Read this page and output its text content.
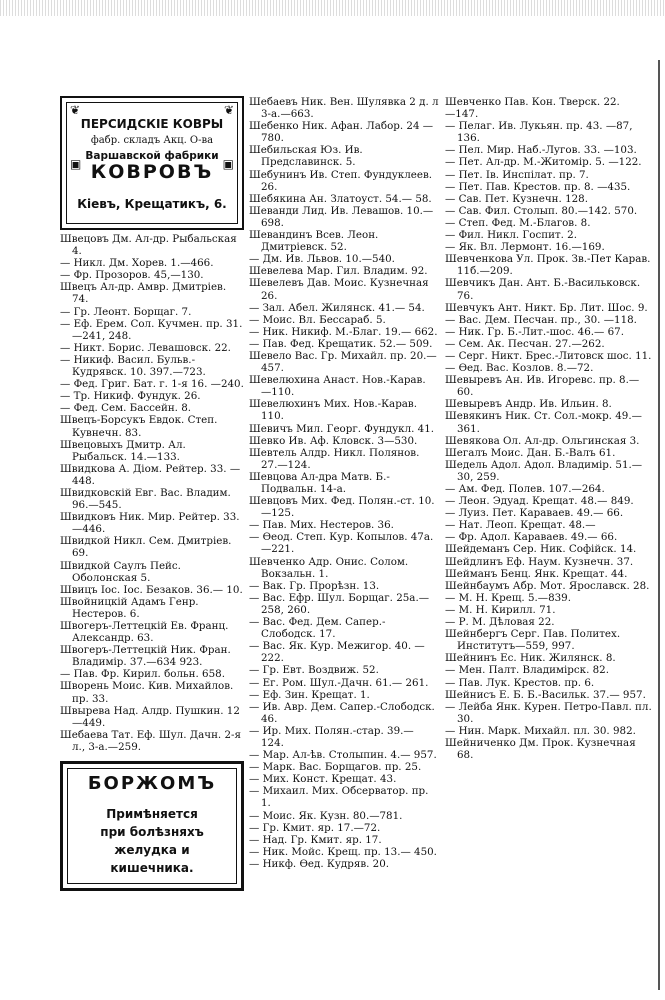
❦	❦
▣	▣
ПЕРСИДСКІЕ КОВРЫ
фабр. складъ Акц. О-ва
Варшавской фабрики
КОВРОВЪ
Кіевъ, Крещатикъ, 6.

Швецовъ Дм. Ал-др. Рыбальская 4.

— Никл. Дм. Хорев. 1.—466.

— Фр. Прозоров. 45,—130.

Швецъ Ал-др. Амвр. Дмитріев. 74.

— Гр. Леонт. Борщаг. 7.

— Еф. Ерем. Сол. Кучмен. пр. 31.—241, 248.

— Никт. Борис. Левашовск. 22.

— Никиф. Васил. Бульв.-Кудрявск. 10. 397.—723.

— Фед. Григ. Бат. г. 1-я 16. —240.

— Тр. Никиф. Фундук. 26.

— Фед. Сем. Бассейн. 8.

Швецъ-Борсукъ Евдок. Степ. Кувнечн. 83.

Швецовыхъ Дмитр. Ал. Рыбальск. 14.—133.

Швидкова А. Діом. Рейтер. 33. —448.

Швидковскій Евг. Вас. Владим. 96.—545.

Швидковъ Ник. Мир. Рейтер. 33.—446.

Швидкой Никл. Сем. Дмитріев. 69.

Швидкой Саулъ Пейс. Оболонская 5.

Швицъ Іос. Іос. Безаков. 36.— 10.

Швойницкій Адамъ Генр. Нестеров. 6.

Швогеръ-Леттецкій Ев. Франц. Александр. 63.

Швогеръ-Леттецкій Ник. Фран. Владимір. 37.—634 923.

— Пав. Фр. Кирил. больн. 658.

Шворень Моис. Кив. Михайлов. пр. 33.

Швырева Над. Алдр. Пушкин. 12—449.

Шебаева Тат. Еф. Шул. Дачн. 2-я л., 3-а.—259.

БОРЖОМЪ
Примѣняется
при болѣзняхъ
желудка и
кишечника.

Шебаевъ Ник. Вен. Шулявка 2 д. л 3-а.—663.

Шебенко Ник. Афан. Лабор. 24 —780.

Шебильская Юз. Ив. Предславинск. 5.

Шебунинъ Ив. Степ. Фундуклеев. 26.

Шебякина Ан. Златоуст. 54.— 58.

Шеванди Лид. Ив. Левашов. 10.—698.

Шевандинъ Всев. Леон. Дмитріевск. 52.

— Дм. Ив. Львов. 10.—540.

Шевелева Мар. Гил. Владим. 92.

Шевелевъ Дав. Моис. Кузнечная 26.

— Зал. Абел. Жилянск. 41.— 54.

— Моис. Вл. Бессараб. 5.

— Ник. Никиф. М.-Благ. 19.— 662.

— Пав. Фед. Крещатик. 52.— 509.

Шевело Вас. Гр. Михайл. пр. 20.— 457.

Шевелюхина Анаст. Нов.-Карав. —110.

Шевелюхинъ Мих. Нов.-Карав. 110.

Шевичъ Мил. Георг. Фундукл. 41.

Шевко Ив. Аф. Кловск. 3—530.

Шевтель Алдр. Никл. Полянов. 27.—124.

Шевцова Ал-дра Матв. Б.-Подвальн. 14-а.

Шевцовъ Мих. Фед. Полян.-ст. 10.—125.

— Пав. Мих. Нестеров. 36.

— Өеод. Степ. Кур. Копылов. 47а.—221.

Шевченко Адр. Онис. Солом. Вокзальн. 1.

— Вак. Гр. Прорѣзн. 13.

— Вас. Ефр. Шул. Борщаг. 25а.—258, 260.

— Вас. Фед. Дем. Сапер.-Слободск. 17.

— Вас. Як. Кур. Межигор. 40. —222.

— Гр. Евт. Воздвиж. 52.

— Ег. Ром. Шул.-Дачн. 61.— 261.

— Еф. Зин. Крещат. 1.

— Ив. Авр. Дем. Сапер.-Слободск. 46.

— Ир. Мих. Полян.-стар. 39.— 124.

— Мар. Ал-ѣв. Столыпин. 4.— 957.

— Марк. Вас. Борщагов. пр. 25.

— Мих. Конст. Крещат. 43.

— Михаил. Мих. Обсерватор. пр. 1.

— Моис. Як. Кузн. 80.—781.

— Гр. Кмит. яр. 17.—72.

— Над. Гр. Кмит. яр. 17.

— Ник. Мойс. Крещ. пр. 13.— 450.

— Никф. Өед. Кудряв. 20.

Шевченко Пав. Кон. Тверск. 22.

—147.

— Пелаг. Ив. Лукьян. пр. 43. —87, 136.

— Пел. Мир. Наб.-Лугов. 33. —103.

— Пет. Ал-др. М.-Житомір. 5. —122.

— Пет. Ів. Инспілат. пр. 7.

— Пет. Пав. Крестов. пр. 8. —435.

— Сав. Пет. Кузнечн. 128.

— Сав. Фил. Столып. 80.—142. 570.

— Степ. Фед. М.-Благов. 8.

— Фил. Никл. Госпит. 2.

— Як. Вл. Лермонт. 16.—169.

Шевченкова Ул. Прок. Зв.-Пет Карав. 11б.—209.

Шевчикъ Дан. Ант. Б.-Васильковск. 76.

Шевчукъ Ант. Никт. Бр. Лит. Шос. 9.

— Вас. Дем. Песчан. пр., 30. —118.

— Ник. Гр. Б.-Лит.-шос. 46.— 67.

— Сем. Ак. Песчан. 27.—262.

— Серг. Никт. Брес.-Литовск шос. 11.

— Өед. Вас. Козлов. 8.—72.

Шевыревъ Ан. Ив. Игоревс. пр. 8.—60.

Шевыревъ Андр. Ив. Ильин. 8.

Шевякинъ Ник. Ст. Сол.-мокр. 49.—361.

Шевякова Ол. Ал-др. Ольгинская 3.

Шегалъ Моис. Дан. Б.-Валъ 61.

Шедель Адол. Адол. Владимір. 51.—30, 259.

— Ам. Фед. Полев. 107.—264.

— Леон. Эдуад. Крещат. 48.— 849.

— Луиз. Пет. Караваев. 49.— 66.

— Нат. Леоп. Крещат. 48.—

— Фр. Адол. Караваев. 49.— 66.

Шейдеманъ Сер. Ник. Софійск. 14.

Шейдлинъ Еф. Наум. Кузнечн. 37.

Шейманъ Бенц. Янк. Крещат. 44.

Шейнбаумъ Абр. Мот. Ярославск. 28.

— М. Н. Крещ. 5.—839.

— М. Н. Кирилл. 71.

— Р. М. Дѣловая 22.

Шейнбергъ Серг. Пав. Политех. Институтъ—559, 997.

Шейнинъ Ес. Ник. Жилянск. 8.

— Мен. Палт. Владимірск. 82.

— Пав. Лук. Крестов. пр. 6.

Шейнисъ Е. Б. Б.-Васильк. 37.— 957.

— Лейба Янк. Курен. Петро-Павл. пл. 30.

— Нин. Марк. Михайл. пл. 30. 982.

Шейниченко Дм. Прок. Кузнечная 68.
